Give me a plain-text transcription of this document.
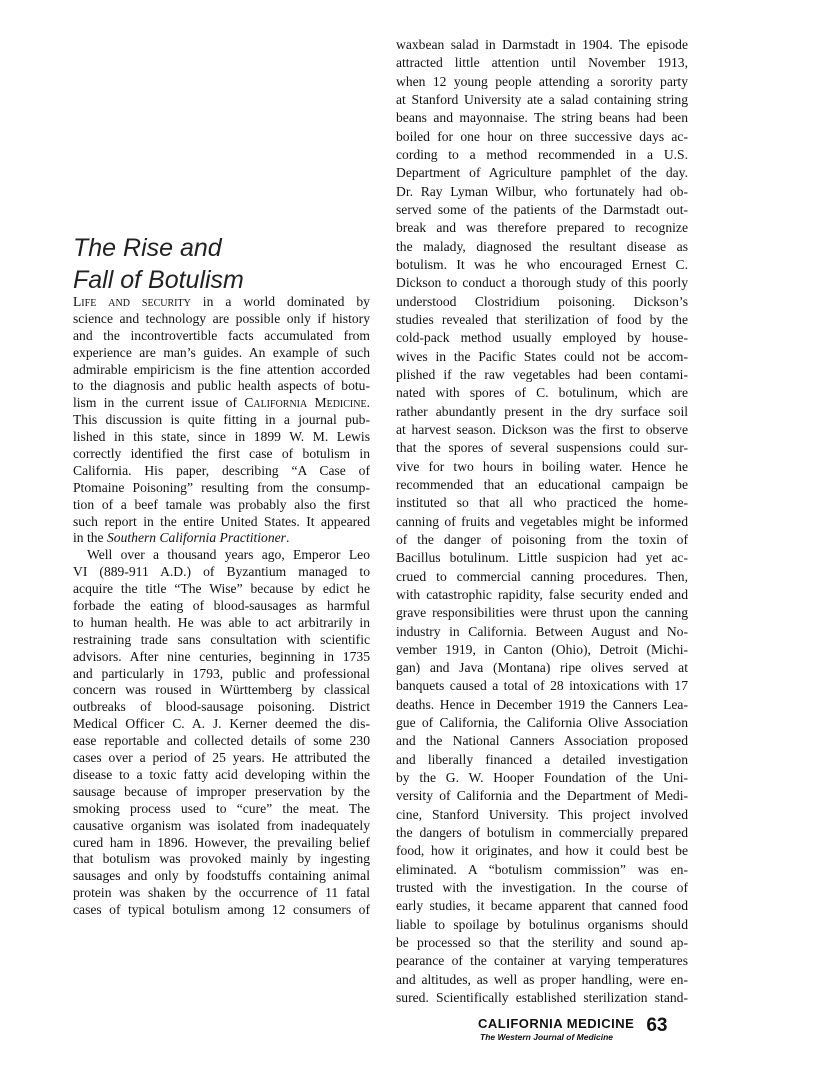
The Rise and
Fall of Botulism
Life and security in a world dominated by
science and technology are possible only if history
and the incontrovertible facts accumulated from
experience are man’s guides. An example of such
admirable empiricism is the fine attention accorded
to the diagnosis and public health aspects of botu-
lism in the current issue of California Medicine.
This discussion is quite fitting in a journal pub-
lished in this state, since in 1899 W. M. Lewis
correctly identified the first case of botulism in
California. His paper, describing “A Case of
Ptomaine Poisoning” resulting from the consump-
tion of a beef tamale was probably also the first
such report in the entire United States. It appeared
in the Southern California Practitioner.
Well over a thousand years ago, Emperor Leo
VI (889-911 A.D.) of Byzantium managed to
acquire the title “The Wise” because by edict he
forbade the eating of blood-sausages as harmful
to human health. He was able to act arbitrarily in
restraining trade sans consultation with scientific
advisors. After nine centuries, beginning in 1735
and particularly in 1793, public and professional
concern was roused in Württemberg by classical
outbreaks of blood-sausage poisoning. District
Medical Officer C. A. J. Kerner deemed the dis-
ease reportable and collected details of some 230
cases over a period of 25 years. He attributed the
disease to a toxic fatty acid developing within the
sausage because of improper preservation by the
smoking process used to “cure” the meat. The
causative organism was isolated from inadequately
cured ham in 1896. However, the prevailing belief
that botulism was provoked mainly by ingesting
sausages and only by foodstuffs containing animal
protein was shaken by the occurrence of 11 fatal
cases of typical botulism among 12 consumers of
waxbean salad in Darmstadt in 1904. The episode
attracted little attention until November 1913,
when 12 young people attending a sorority party
at Stanford University ate a salad containing string
beans and mayonnaise. The string beans had been
boiled for one hour on three successive days ac-
cording to a method recommended in a U.S.
Department of Agriculture pamphlet of the day.
Dr. Ray Lyman Wilbur, who fortunately had ob-
served some of the patients of the Darmstadt out-
break and was therefore prepared to recognize
the malady, diagnosed the resultant disease as
botulism. It was he who encouraged Ernest C.
Dickson to conduct a thorough study of this poorly
understood Clostridium poisoning. Dickson’s
studies revealed that sterilization of food by the
cold-pack method usually employed by house-
wives in the Pacific States could not be accom-
plished if the raw vegetables had been contami-
nated with spores of C. botulinum, which are
rather abundantly present in the dry surface soil
at harvest season. Dickson was the first to observe
that the spores of several suspensions could sur-
vive for two hours in boiling water. Hence he
recommended that an educational campaign be
instituted so that all who practiced the home-
canning of fruits and vegetables might be informed
of the danger of poisoning from the toxin of
Bacillus botulinum. Little suspicion had yet ac-
crued to commercial canning procedures. Then,
with catastrophic rapidity, false security ended and
grave responsibilities were thrust upon the canning
industry in California. Between August and No-
vember 1919, in Canton (Ohio), Detroit (Michi-
gan) and Java (Montana) ripe olives served at
banquets caused a total of 28 intoxications with 17
deaths. Hence in December 1919 the Canners Lea-
gue of California, the California Olive Association
and the National Canners Association proposed
and liberally financed a detailed investigation
by the G. W. Hooper Foundation of the Uni-
versity of California and the Department of Medi-
cine, Stanford University. This project involved
the dangers of botulism in commercially prepared
food, how it originates, and how it could best be
eliminated. A “botulism commission” was en-
trusted with the investigation. In the course of
early studies, it became apparent that canned food
liable to spoilage by botulinus organisms should
be processed so that the sterility and sound ap-
pearance of the container at varying temperatures
and altitudes, as well as proper handling, were en-
sured. Scientifically established sterilization stand-
CALIFORNIA MEDICINE
The Western Journal of Medicine
63
